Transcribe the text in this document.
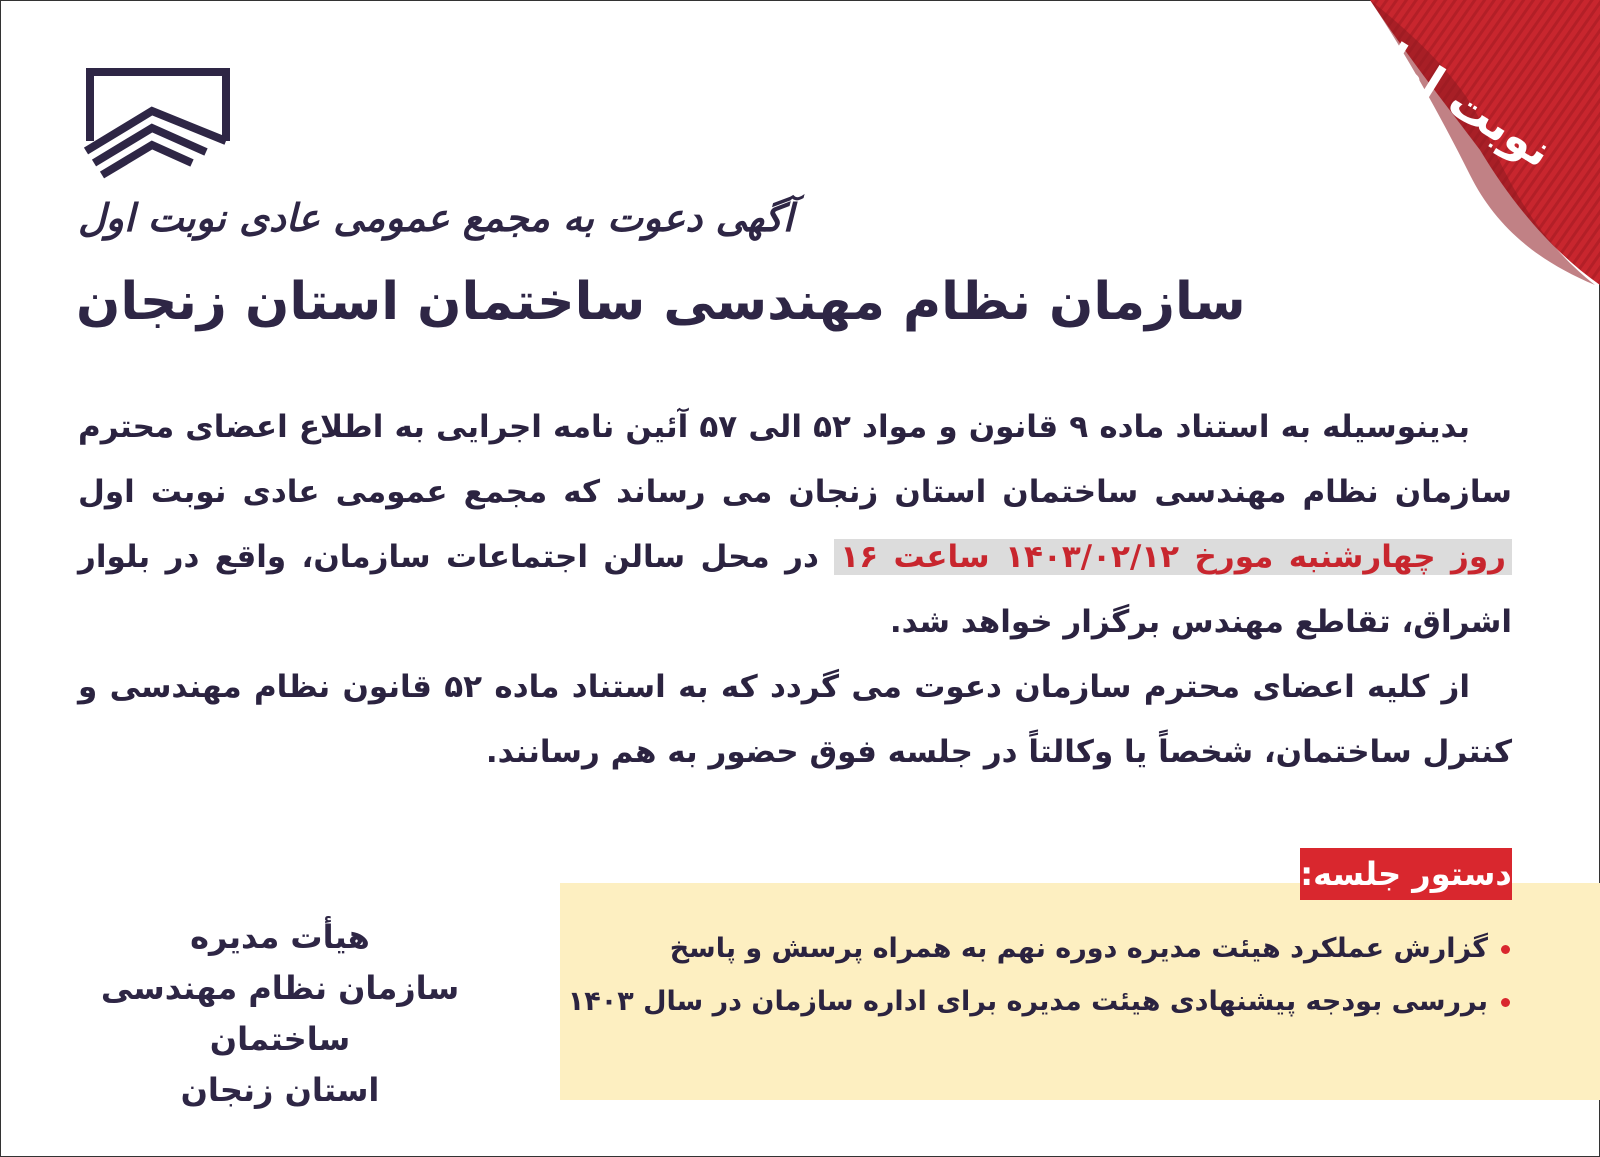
نوبت اول
آگهی دعوت به مجمع عمومی عادی نوبت اول
سازمان نظام مهندسی ساختمان استان زنجان

بدینوسیله به استناد ماده ۹ قانون و مواد ۵۲ الی ۵۷ آئین نامه اجرایی به اطلاع اعضای محترم سازمان نظام مهندسی ساختمان استان زنجان می رساند که مجمع عمومی عادی نوبت اول روز چهارشنبه مورخ ۱۴۰۳/۰۲/۱۲ ساعت ۱۶ در محل سالن اجتماعات سازمان، واقع در بلوار اشراق، تقاطع مهندس برگزار خواهد شد.

از کلیه اعضای محترم سازمان دعوت می گردد که به استناد ماده ۵۲ قانون نظام مهندسی و کنترل ساختمان، شخصاً یا وکالتاً در جلسه فوق حضور به هم رسانند.

دستور جلسه:
گزارش عملکرد هیئت مدیره دوره نهم به همراه پرسش و پاسخ
بررسی بودجه پیشنهادی هیئت مدیره برای اداره سازمان در سال ۱۴۰۳
هیأت مدیره
سازمان نظام مهندسی ساختمان
استان زنجان
